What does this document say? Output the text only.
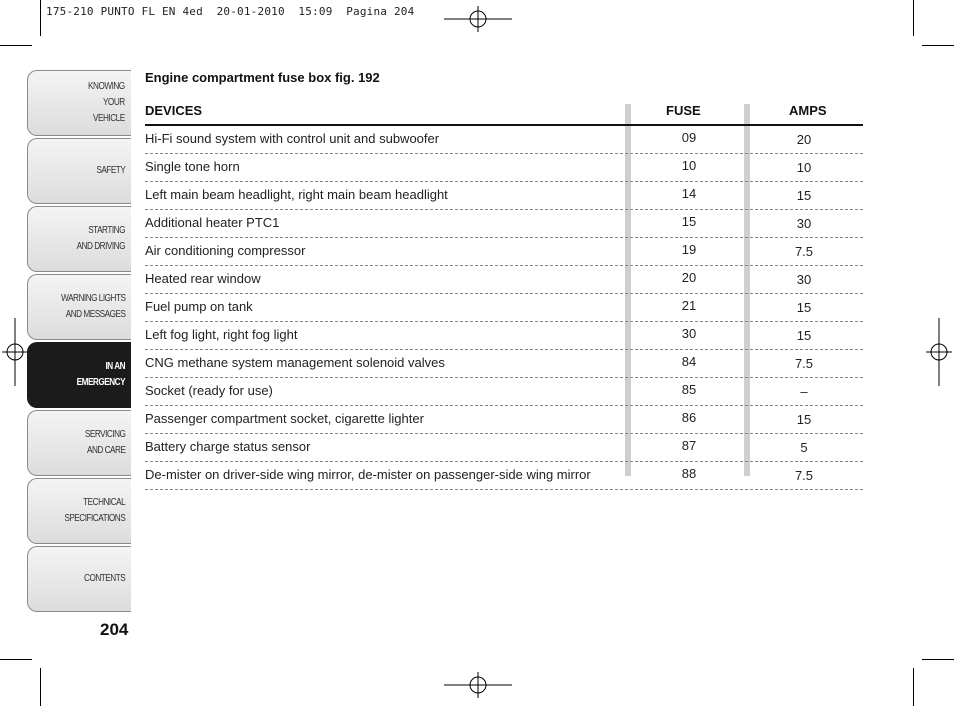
175-210 PUNTO FL EN 4ed  20-01-2010  15:09  Pagina 204
KNOWING
YOUR
VEHICLE
SAFETY
STARTING
AND DRIVING
WARNING LIGHTS
AND MESSAGES
IN AN
EMERGENCY
SERVICING
AND CARE
TECHNICAL
SPECIFICATIONS
CONTENTS
204
Engine compartment fuse box fig. 192
DEVICES	FUSE	AMPS
Hi-Fi sound system with control unit and subwoofer	09	20
Single tone horn	10	10
Left main beam headlight, right main beam headlight	14	15
Additional heater PTC1	15	30
Air conditioning compressor	19	7.5
Heated rear window	20	30
Fuel pump on tank	21	15
Left fog light, right fog light	30	15
CNG methane system management solenoid valves	84	7.5
Socket (ready for use)	85	–
Passenger compartment socket, cigarette lighter	86	15
Battery charge status sensor	87	5
De-mister on driver-side wing mirror, de-mister on passenger-side wing mirror	88	7.5
